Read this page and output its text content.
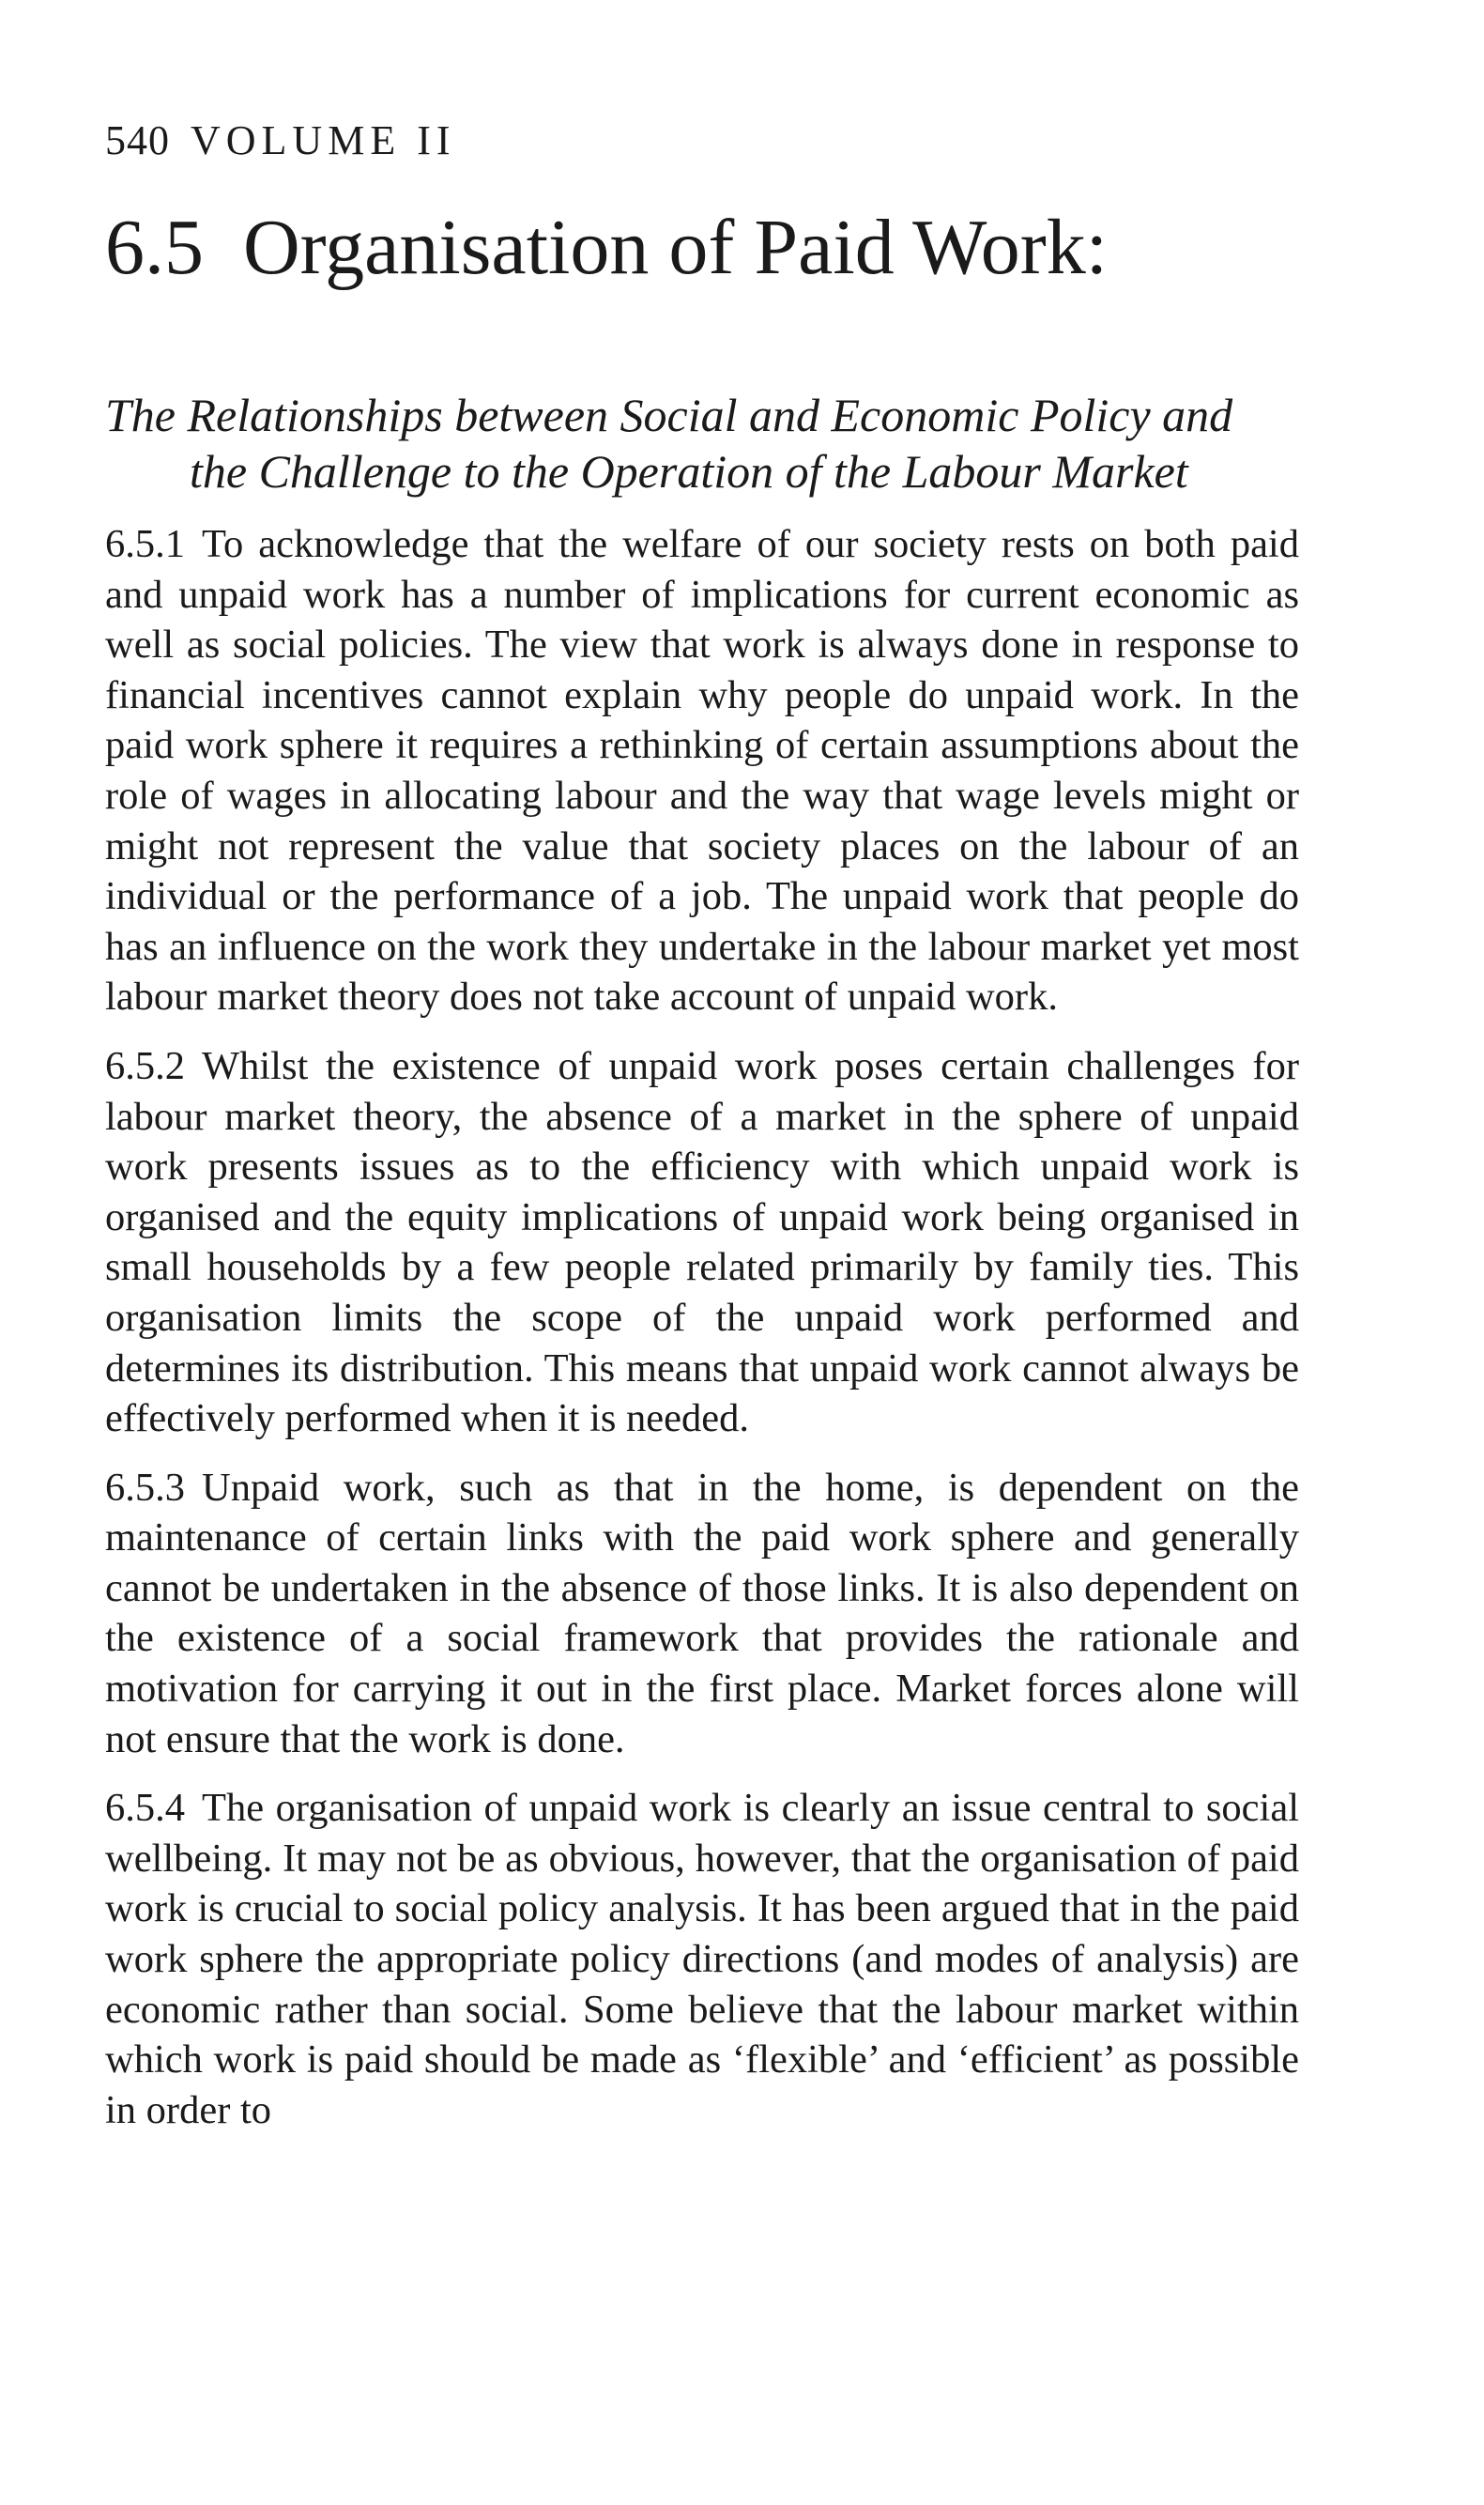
540 VOLUME II
6.5 Organisation of Paid Work:
The Relationships between Social and Economic Policy and
the Challenge to the Operation of the Labour Market

6.5.1 To acknowledge that the welfare of our society rests on both paid and unpaid work has a number of implications for current economic as well as social policies. The view that work is always done in response to financial incentives cannot explain why people do unpaid work. In the paid work sphere it requires a rethinking of certain assumptions about the role of wages in allocating labour and the way that wage levels might or might not represent the value that society places on the labour of an individual or the performance of a job. The unpaid work that people do has an influence on the work they undertake in the labour market yet most labour market theory does not take account of unpaid work.

6.5.2 Whilst the existence of unpaid work poses certain challenges for labour market theory, the absence of a market in the sphere of unpaid work presents issues as to the efficiency with which unpaid work is organised and the equity implications of unpaid work being organised in small households by a few people related primarily by family ties. This organisation limits the scope of the unpaid work performed and determines its distribution. This means that unpaid work cannot always be effectively performed when it is needed.

6.5.3 Unpaid work, such as that in the home, is dependent on the maintenance of certain links with the paid work sphere and generally cannot be undertaken in the absence of those links. It is also dependent on the existence of a social framework that provides the rationale and motivation for carrying it out in the first place. Market forces alone will not ensure that the work is done.

6.5.4 The organisation of unpaid work is clearly an issue central to social wellbeing. It may not be as obvious, however, that the organisation of paid work is crucial to social policy analysis. It has been argued that in the paid work sphere the appropriate policy directions (and modes of analysis) are economic rather than social. Some believe that the labour market within which work is paid should be made as ‘flexible’ and ‘efficient’ as possible in order to
